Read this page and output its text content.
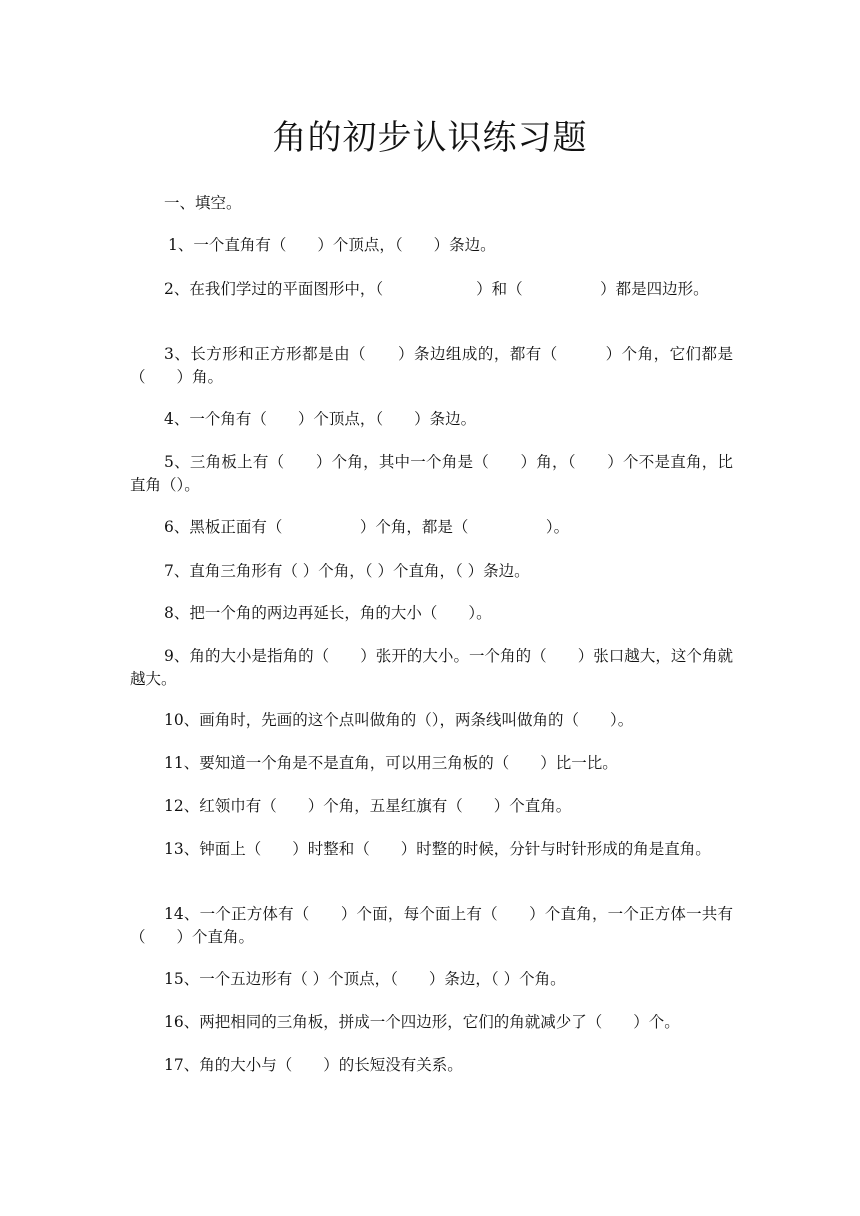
角的初步认识练习题
一、填空。
1、一个直角有（　　）个顶点，（　　）条边。
2、在我们学过的平面图形中，（　　　　　　）和（　　　　　）都是四边形。
3、长方形和正方形都是由（　　）条边组成的，都有（　　　）个角，它们都是（　　）角。
4、一个角有（　　）个顶点，（　　）条边。
5、三角板上有（　　）个角，其中一个角是（　　）角，（　　）个不是直角，比直角（）。
6、黑板正面有（　　　　　）个角，都是（　　　　　）。
7、直角三角形有（ ）个角，（ ）个直角，（ ）条边。
8、把一个角的两边再延长，角的大小（　　）。
9、角的大小是指角的（　　）张开的大小。一个角的（　　）张口越大，这个角就越大。
10、画角时，先画的这个点叫做角的（），两条线叫做角的（　　）。
11、要知道一个角是不是直角，可以用三角板的（　　）比一比。
12、红领巾有（　　）个角，五星红旗有（　　）个直角。
13、钟面上（　　）时整和（　　）时整的时候，分针与时针形成的角是直角。
14、一个正方体有（　　）个面，每个面上有（　　）个直角，一个正方体一共有（　　）个直角。
15、一个五边形有（ ）个顶点，（　　）条边，（ ）个角。
16、两把相同的三角板，拼成一个四边形，它们的角就减少了（　　）个。
17、角的大小与（　　）的长短没有关系。
